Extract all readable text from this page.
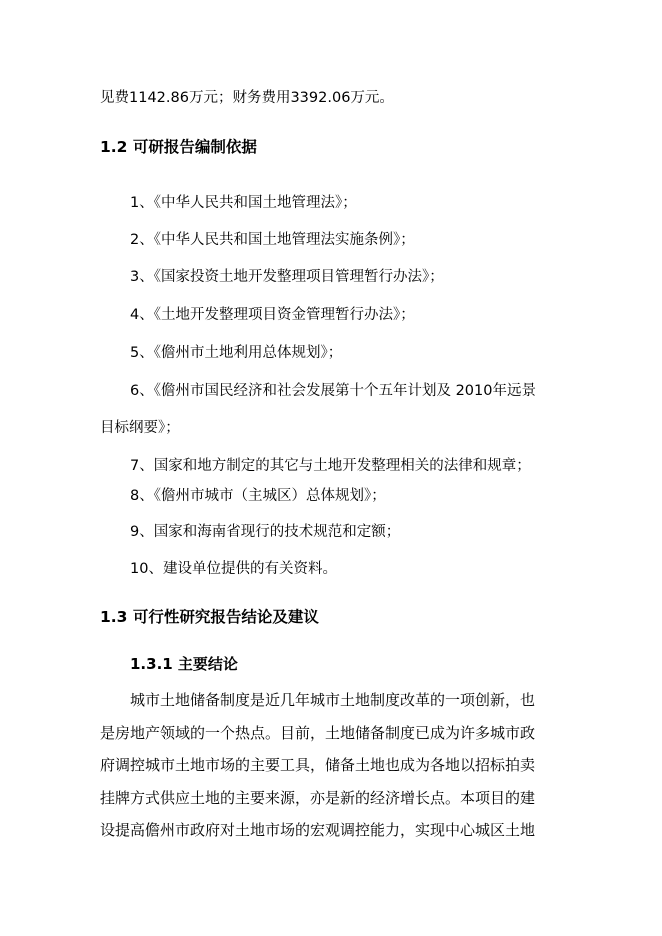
见费1142.86万元；财务费用3392.06万元。
1.2 可研报告编制依据
1、《中华人民共和国土地管理法》；
2、《中华人民共和国土地管理法实施条例》；
3、《国家投资土地开发整理项目管理暂行办法》；
4、《土地开发整理项目资金管理暂行办法》；
5、《儋州市土地利用总体规划》；
6、《儋州市国民经济和社会发展第十个五年计划及 2010年远景
目标纲要》；
7、国家和地方制定的其它与土地开发整理相关的法律和规章；
8、《儋州市城市（主城区）总体规划》；
9、国家和海南省现行的技术规范和定额；
10、建设单位提供的有关资料。
1.3 可行性研究报告结论及建议
1.3.1 主要结论
城市土地储备制度是近几年城市土地制度改革的一项创新，也
是房地产领域的一个热点。目前，土地储备制度已成为许多城市政
府调控城市土地市场的主要工具，储备土地也成为各地以招标拍卖
挂牌方式供应土地的主要来源，亦是新的经济增长点。本项目的建
设提高儋州市政府对土地市场的宏观调控能力，实现中心城区土地
